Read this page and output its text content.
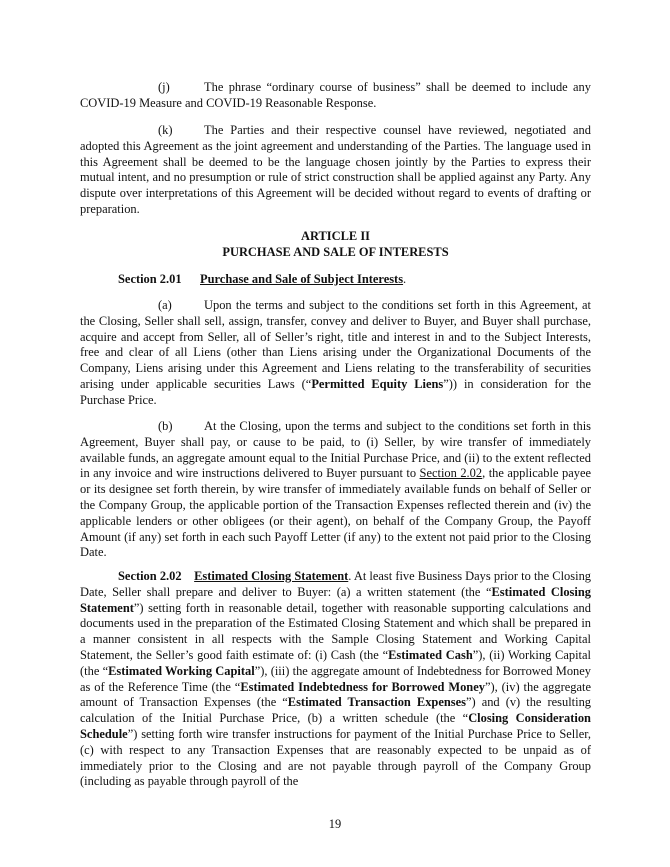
(j)	The phrase “ordinary course of business” shall be deemed to include any COVID-19 Measure and COVID-19 Reasonable Response.

(k)	The Parties and their respective counsel have reviewed, negotiated and adopted this Agreement as the joint agreement and understanding of the Parties. The language used in this Agreement shall be deemed to be the language chosen jointly by the Parties to express their mutual intent, and no presumption or rule of strict construction shall be applied against any Party. Any dispute over interpretations of this Agreement will be decided without regard to events of drafting or preparation.

ARTICLE II

PURCHASE AND SALE OF INTERESTS

Section 2.01 Purchase and Sale of Subject Interests.

(a)	Upon the terms and subject to the conditions set forth in this Agreement, at the Closing, Seller shall sell, assign, transfer, convey and deliver to Buyer, and Buyer shall purchase, acquire and accept from Seller, all of Seller’s right, title and interest in and to the Subject Interests, free and clear of all Liens (other than Liens arising under the Organizational Documents of the Company, Liens arising under this Agreement and Liens relating to the transferability of securities arising under applicable securities Laws (“Permitted Equity Liens”)) in consideration for the Purchase Price.

(b)	At the Closing, upon the terms and subject to the conditions set forth in this Agreement, Buyer shall pay, or cause to be paid, to (i) Seller, by wire transfer of immediately available funds, an aggregate amount equal to the Initial Purchase Price, and (ii) to the extent reflected in any invoice and wire instructions delivered to Buyer pursuant to Section 2.02, the applicable payee or its designee set forth therein, by wire transfer of immediately available funds on behalf of Seller or the Company Group, the applicable portion of the Transaction Expenses reflected therein and (iv) the applicable lenders or other obligees (or their agent), on behalf of the Company Group, the Payoff Amount (if any) set forth in each such Payoff Letter (if any) to the extent not paid prior to the Closing Date.

Section 2.02 Estimated Closing Statement. At least five Business Days prior to the Closing Date, Seller shall prepare and deliver to Buyer: (a) a written statement (the “Estimated Closing Statement”) setting forth in reasonable detail, together with reasonable supporting calculations and documents used in the preparation of the Estimated Closing Statement and which shall be prepared in a manner consistent in all respects with the Sample Closing Statement and Working Capital Statement, the Seller’s good faith estimate of: (i) Cash (the “Estimated Cash”), (ii) Working Capital (the “Estimated Working Capital”), (iii) the aggregate amount of Indebtedness for Borrowed Money as of the Reference Time (the “Estimated Indebtedness for Borrowed Money”), (iv) the aggregate amount of Transaction Expenses (the “Estimated Transaction Expenses”) and (v) the resulting calculation of the Initial Purchase Price, (b) a written schedule (the “Closing Consideration Schedule”) setting forth wire transfer instructions for payment of the Initial Purchase Price to Seller, (c) with respect to any Transaction Expenses that are reasonably expected to be unpaid as of immediately prior to the Closing and are not payable through payroll of the Company Group (including as payable through payroll of the

19
